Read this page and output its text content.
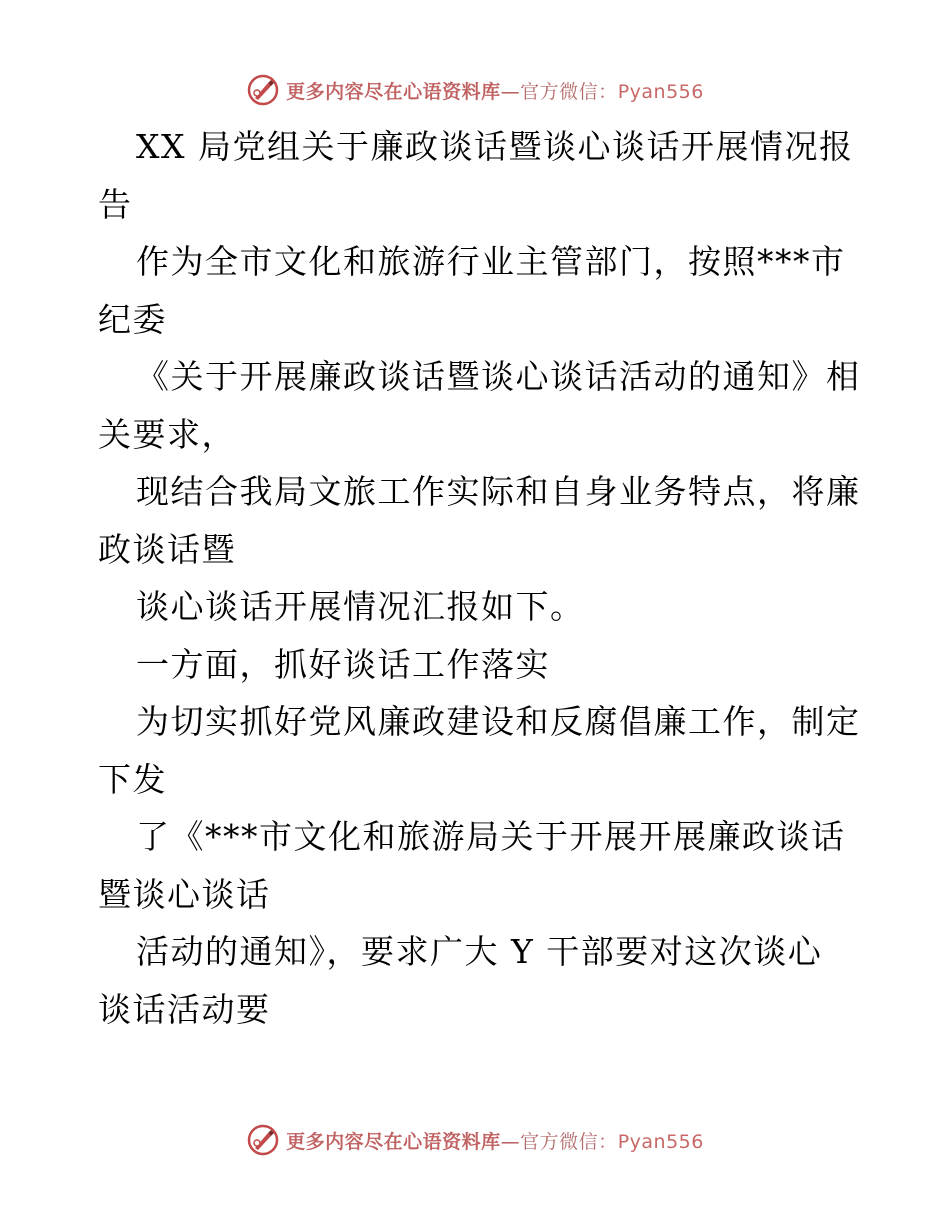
更多内容尽在心语资料库—官方微信：Pyan556
XX 局党组关于廉政谈话暨谈心谈话开展情况报
告
作为全市文化和旅游行业主管部门，按照***市
纪委
《关于开展廉政谈话暨谈心谈话活动的通知》相
关要求，
现结合我局文旅工作实际和自身业务特点，将廉
政谈话暨
谈心谈话开展情况汇报如下。
一方面，抓好谈话工作落实
为切实抓好党风廉政建设和反腐倡廉工作，制定
下发
了《***市文化和旅游局关于开展开展廉政谈话
暨谈心谈话
活动的通知》，要求广大 Y 干部要对这次谈心
谈话活动要
更多内容尽在心语资料库—官方微信：Pyan556
